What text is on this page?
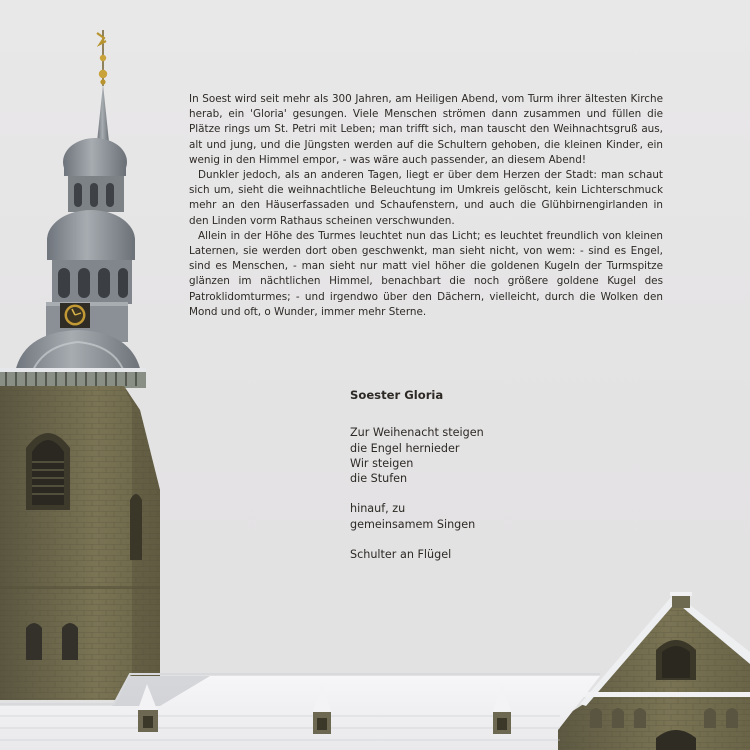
In Soest wird seit mehr als 300 Jahren, am Heiligen Abend, vom Turm ihrer ältesten Kirche herab, ein 'Gloria' gesungen. Viele Menschen strömen dann zusammen und füllen die Plätze rings um St. Petri mit Leben; man trifft sich, man tauscht den Weihnachtsgruß aus, alt und jung, und die Jüngsten werden auf die Schultern gehoben, die kleinen Kinder, ein wenig in den Himmel empor, - was wäre auch passender, an diesem Abend!

Dunkler jedoch, als an anderen Tagen, liegt er über dem Herzen der Stadt: man schaut sich um, sieht die weihnachtliche Beleuchtung im Umkreis gelöscht, kein Lichterschmuck mehr an den Häuserfassaden und Schaufenstern, und auch die Glühbirnengirlanden in den Linden vorm Rathaus scheinen verschwunden.

Allein in der Höhe des Turmes leuchtet nun das Licht; es leuchtet freundlich von kleinen Laternen, sie werden dort oben geschwenkt, man sieht nicht, von wem: - sind es Engel, sind es Menschen, - man sieht nur matt viel höher die goldenen Kugeln der Turmspitze glänzen im nächtlichen Himmel, benachbart die noch größere goldene Kugel des Patroklidomturmes; - und irgendwo über den Dächern, vielleicht, durch die Wolken den Mond und oft, o Wunder, immer mehr Sterne.

Soester Gloria
Zur Weihenacht steigen
die Engel hernieder
Wir steigen
die Stufen
hinauf, zu
gemeinsamem Singen
Schulter an Flügel
